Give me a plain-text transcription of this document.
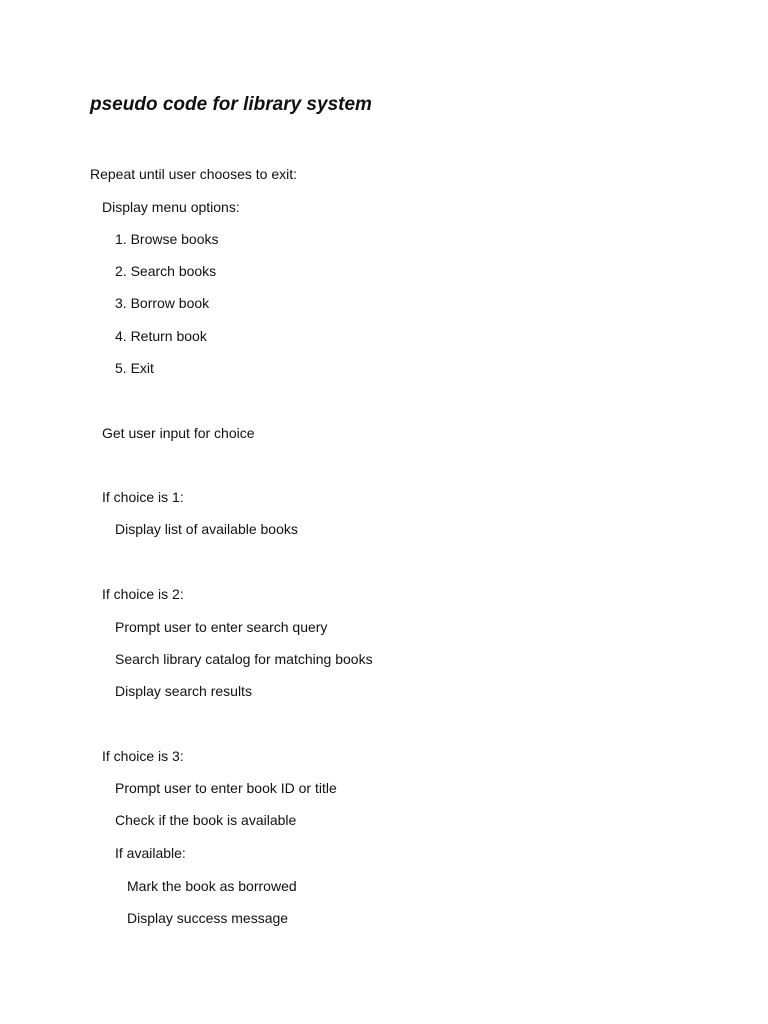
pseudo code for library system
Repeat until user chooses to exit:
Display menu options:
1. Browse books
2. Search books
3. Borrow book
4. Return book
5. Exit
Get user input for choice
If choice is 1:
Display list of available books
If choice is 2:
Prompt user to enter search query
Search library catalog for matching books
Display search results
If choice is 3:
Prompt user to enter book ID or title
Check if the book is available
If available:
Mark the book as borrowed
Display success message
